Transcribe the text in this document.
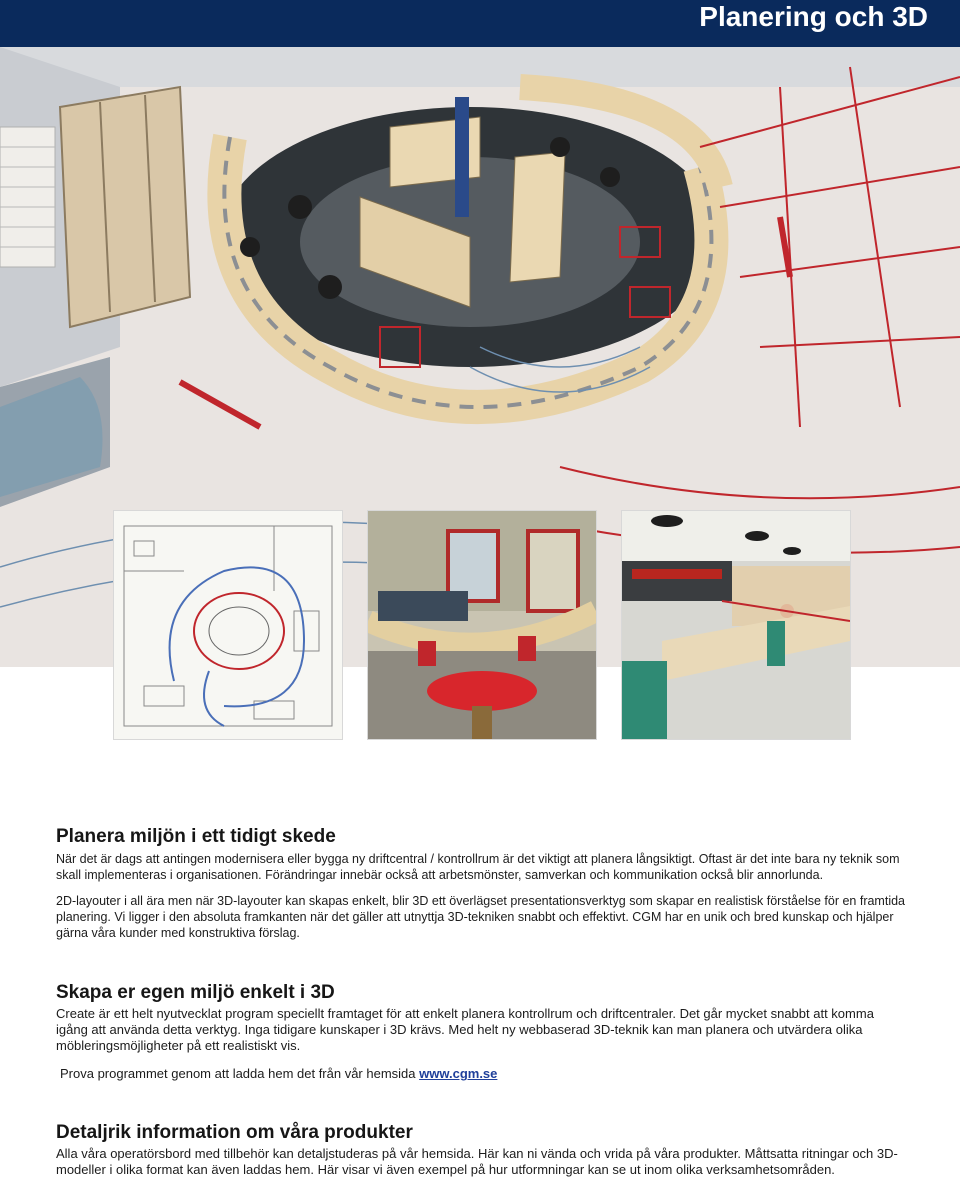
Planering och 3D
Planera miljön i ett tidigt skede

När det är dags att antingen modernisera eller bygga ny driftcentral / kontrollrum är det viktigt att planera långsiktigt. Oftast är det inte bara ny teknik som skall implementeras i organisationen. Förändringar innebär också att arbetsmönster, samverkan och kommunikation också blir annorlunda.

2D-layouter i all ära men när 3D-layouter kan skapas enkelt, blir 3D ett överlägset presentationsverktyg som skapar en realistisk förståelse för en framtida planering. Vi ligger i den absoluta framkanten när det gäller att utnyttja 3D-tekniken snabbt och effektivt. CGM har en unik och bred kunskap och hjälper gärna våra kunder med konstruktiva förslag.

Skapa er egen miljö enkelt i 3D

Create är ett helt nyutvecklat program speciellt framtaget för att enkelt planera kontrollrum och driftcentraler. Det går mycket snabbt att komma igång att använda detta verktyg. Inga tidigare kunskaper i 3D krävs. Med helt ny webbaserad 3D-teknik kan man planera och utvärdera olika möbleringsmöjligheter på ett realistiskt vis.

Prova programmet genom att ladda hem det från vår hemsida www.cgm.se

Detaljrik information om våra produkter

Alla våra operatörsbord med tillbehör kan detaljstuderas på vår hemsida. Här kan ni vända och vrida på våra produkter. Måttsatta ritningar och 3D-modeller i olika format kan även laddas hem. Här visar vi även exempel på hur utformningar kan se ut inom olika verksamhetsområden.
